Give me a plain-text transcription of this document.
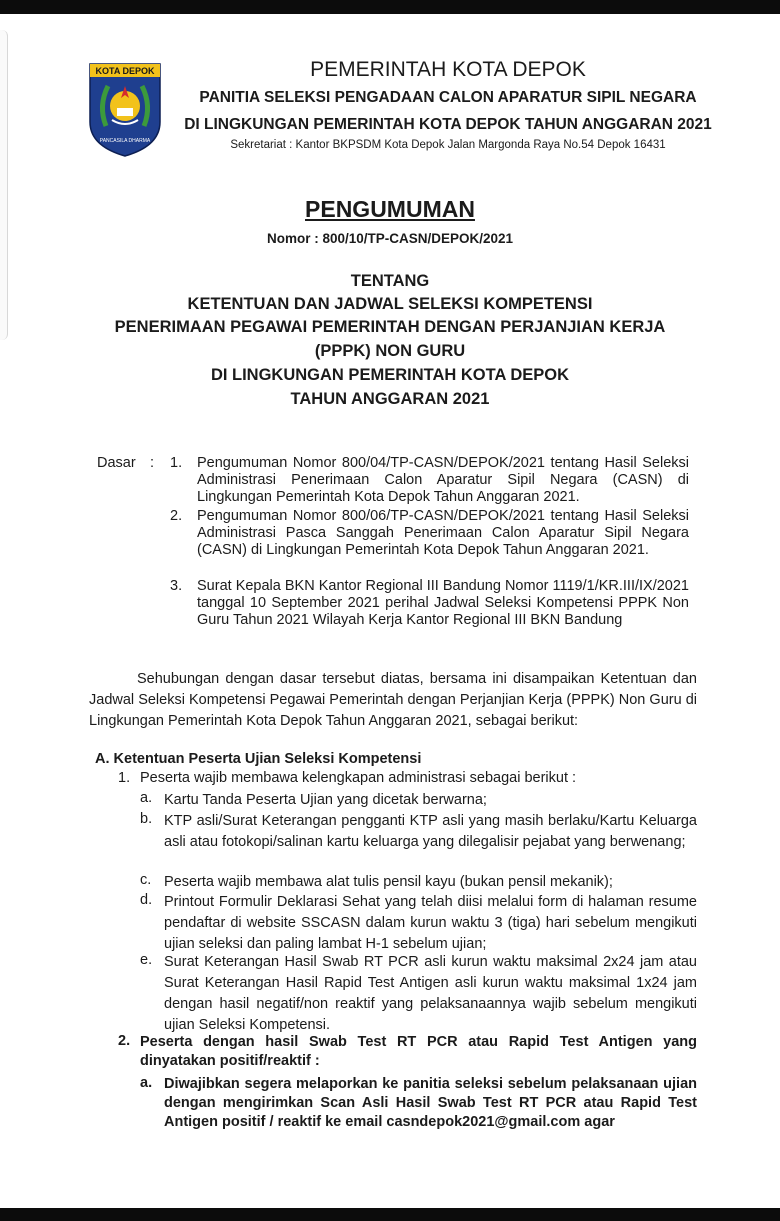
KOTA DEPOK
PANCASILA DHARMA
PEMERINTAH KOTA DEPOK
PANITIA SELEKSI PENGADAAN CALON APARATUR SIPIL NEGARA
DI LINGKUNGAN PEMERINTAH KOTA DEPOK TAHUN ANGGARAN 2021
Sekretariat : Kantor BKPSDM Kota Depok Jalan Margonda Raya No.54 Depok 16431
PENGUMUMAN
Nomor : 800/10/TP-CASN/DEPOK/2021
TENTANG
KETENTUAN DAN JADWAL SELEKSI KOMPETENSI
PENERIMAAN PEGAWAI PEMERINTAH DENGAN PERJANJIAN KERJA
(PPPK) NON GURU
DI LINGKUNGAN PEMERINTAH KOTA DEPOK
TAHUN ANGGARAN 2021
Dasar : 1. Pengumuman Nomor 800/04/TP-CASN/DEPOK/2021 tentang Hasil Seleksi Administrasi Penerimaan Calon Aparatur Sipil Negara (CASN) di Lingkungan Pemerintah Kota Depok Tahun Anggaran 2021.
2. Pengumuman Nomor 800/06/TP-CASN/DEPOK/2021 tentang Hasil Seleksi Administrasi Pasca Sanggah Penerimaan Calon Aparatur Sipil Negara (CASN) di Lingkungan Pemerintah Kota Depok Tahun Anggaran 2021.
3. Surat Kepala BKN Kantor Regional III Bandung Nomor 1119/1/KR.III/IX/2021 tanggal 10 September 2021 perihal Jadwal Seleksi Kompetensi PPPK Non Guru Tahun 2021 Wilayah Kerja Kantor Regional III BKN Bandung
Sehubungan dengan dasar tersebut diatas, bersama ini disampaikan Ketentuan dan Jadwal Seleksi Kompetensi Pegawai Pemerintah dengan Perjanjian Kerja (PPPK) Non Guru di Lingkungan Pemerintah Kota Depok Tahun Anggaran 2021, sebagai berikut:
A. Ketentuan Peserta Ujian Seleksi Kompetensi
1. Peserta wajib membawa kelengkapan administrasi sebagai berikut :
a. Kartu Tanda Peserta Ujian yang dicetak berwarna;
b. KTP asli/Surat Keterangan pengganti KTP asli yang masih berlaku/Kartu Keluarga asli atau fotokopi/salinan kartu keluarga yang dilegalisir pejabat yang berwenang;
c. Peserta wajib membawa alat tulis pensil kayu (bukan pensil mekanik);
d. Printout Formulir Deklarasi Sehat yang telah diisi melalui form di halaman resume pendaftar di website SSCASN dalam kurun waktu 3 (tiga) hari sebelum mengikuti ujian seleksi dan paling lambat H-1 sebelum ujian;
e. Surat Keterangan Hasil Swab RT PCR asli kurun waktu maksimal 2x24 jam atau Surat Keterangan Hasil Rapid Test Antigen asli kurun waktu maksimal 1x24 jam dengan hasil negatif/non reaktif yang pelaksanaannya wajib sebelum mengikuti ujian Seleksi Kompetensi.
2. Peserta dengan hasil Swab Test RT PCR atau Rapid Test Antigen yang dinyatakan positif/reaktif :
a. Diwajibkan segera melaporkan ke panitia seleksi sebelum pelaksanaan ujian dengan mengirimkan Scan Asli Hasil Swab Test RT PCR atau Rapid Test Antigen positif / reaktif ke email casndepok2021@gmail.com agar
